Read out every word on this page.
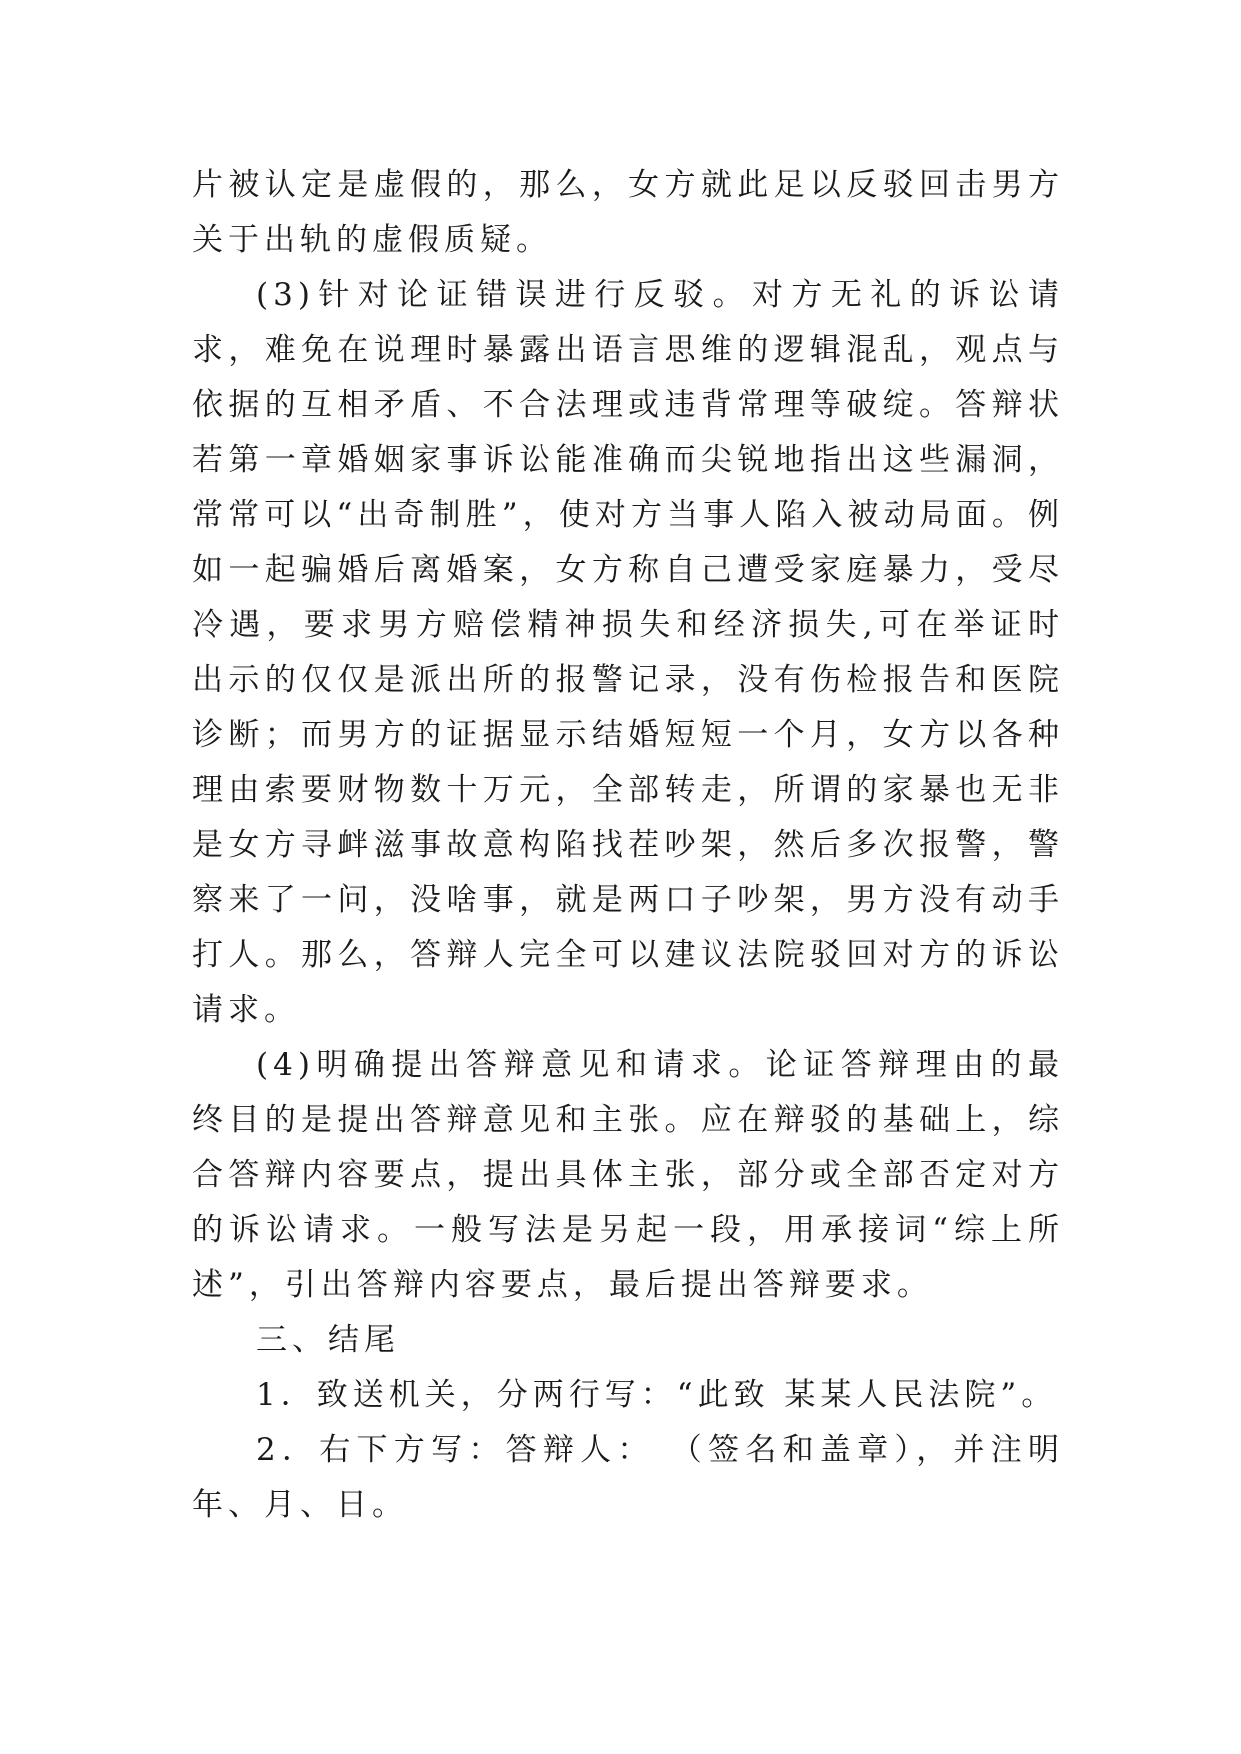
片被认定是虚假的，那么，女方就此足以反驳回击男方关于出轨的虚假质疑。

(3)针对论证错误进行反驳。对方无礼的诉讼请求，难免在说理时暴露出语言思维的逻辑混乱，观点与依据的互相矛盾、不合法理或违背常理等破绽。答辩状若第一章婚姻家事诉讼能准确而尖锐地指出这些漏洞，常常可以“出奇制胜”，使对方当事人陷入被动局面。例如一起骗婚后离婚案，女方称自己遭受家庭暴力，受尽冷遇，要求男方赔偿精神损失和经济损失,可在举证时出示的仅仅是派出所的报警记录，没有伤检报告和医院诊断；而男方的证据显示结婚短短一个月，女方以各种理由索要财物数十万元，全部转走，所谓的家暴也无非是女方寻衅滋事故意构陷找茬吵架，然后多次报警，警察来了一问，没啥事，就是两口子吵架，男方没有动手打人。那么，答辩人完全可以建议法院驳回对方的诉讼请求。

(4)明确提出答辩意见和请求。论证答辩理由的最终目的是提出答辩意见和主张。应在辩驳的基础上，综合答辩内容要点，提出具体主张，部分或全部否定对方的诉讼请求。一般写法是另起一段，用承接词“综上所述”，引出答辩内容要点，最后提出答辩要求。

三、结尾

1．致送机关，分两行写：“此致 某某人民法院”。

2．右下方写：答辩人： （签名和盖章），并注明年、月、日。
